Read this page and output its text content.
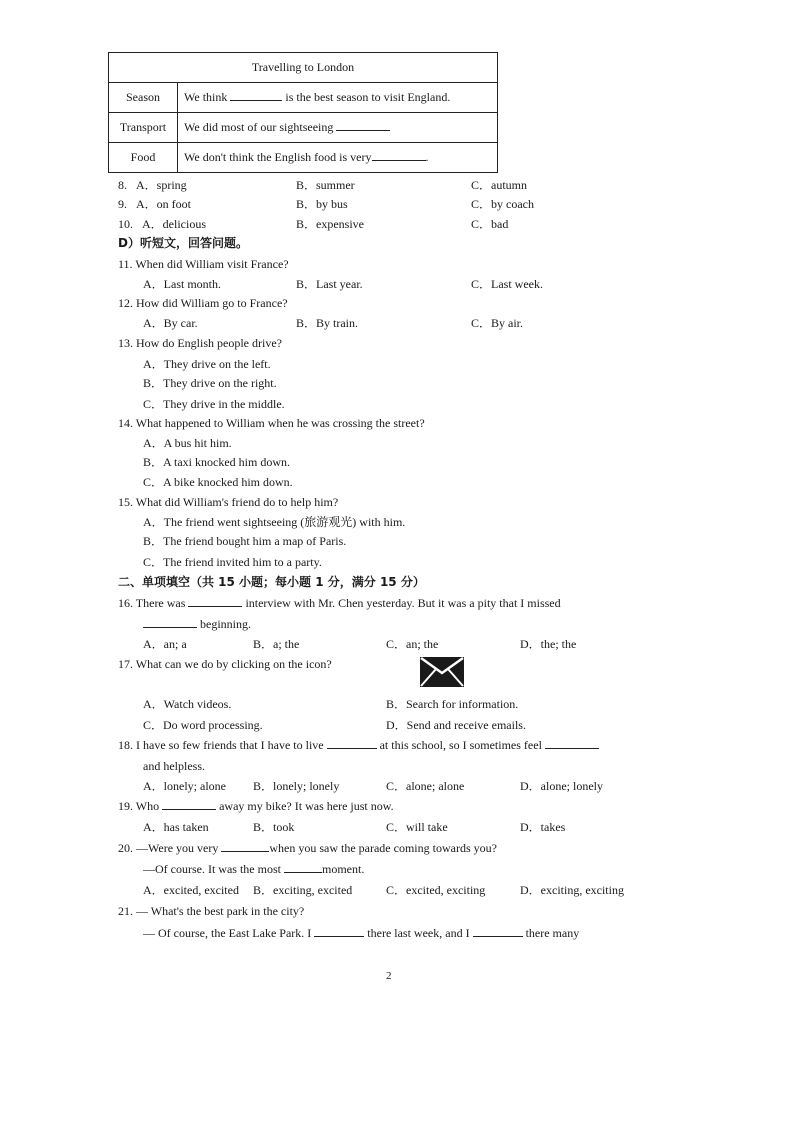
Travelling to London	
Season	We think is the best season to visit England.
Transport	We did most of our sightseeing
Food	We don't think the English food is very .
8. A．spring	B．summer	C．autumn
9. A．on foot	B．by bus	C．by coach
10. A．delicious	B．expensive	C．bad
D）听短文，回答问题。
11. When did William visit France?
A．Last month.	B．Last year.	C．Last week.
12. How did William go to France?
A．By car.	B．By train.	C．By air.
13. How do English people drive?
A．They drive on the left.
B．They drive on the right.
C．They drive in the middle.
14. What happened to William when he was crossing the street?
A．A bus hit him.
B．A taxi knocked him down.
C．A bike knocked him down.
15. What did William's friend do to help him?
A．The friend went sightseeing (旅游观光) with him.
B．The friend bought him a map of Paris.
C．The friend invited him to a party.
二、单项填空（共 15 小题；每小题 1 分，满分 15 分）
16. There was	interview with Mr. Chen yesterday. But it was a pity that I missed
beginning.
A．an; a	B．a; the	C．an; the	D．the; the
17. What can we do by clicking on the icon?
A．Watch videos.	B．Search for information.
C．Do word processing.	D．Send and receive emails.
18. I have so few friends that I have to live	at this school, so I sometimes feel
and helpless.
A．lonely; alone B．lonely; lonely	C．alone; alone	D．alone; lonely
19. Who	away my bike? It was here just now.
A．has taken	B．took	C．will take	D．takes
20. —Were you very	when you saw the parade coming towards you?
—Of course. It was the most	moment.
A．excited, excited B．exciting, excited	C．excited, exciting	D．exciting, exciting
21. — What's the best park in the city?
— Of course, the East Lake Park. I	there last week, and I	there many
2
